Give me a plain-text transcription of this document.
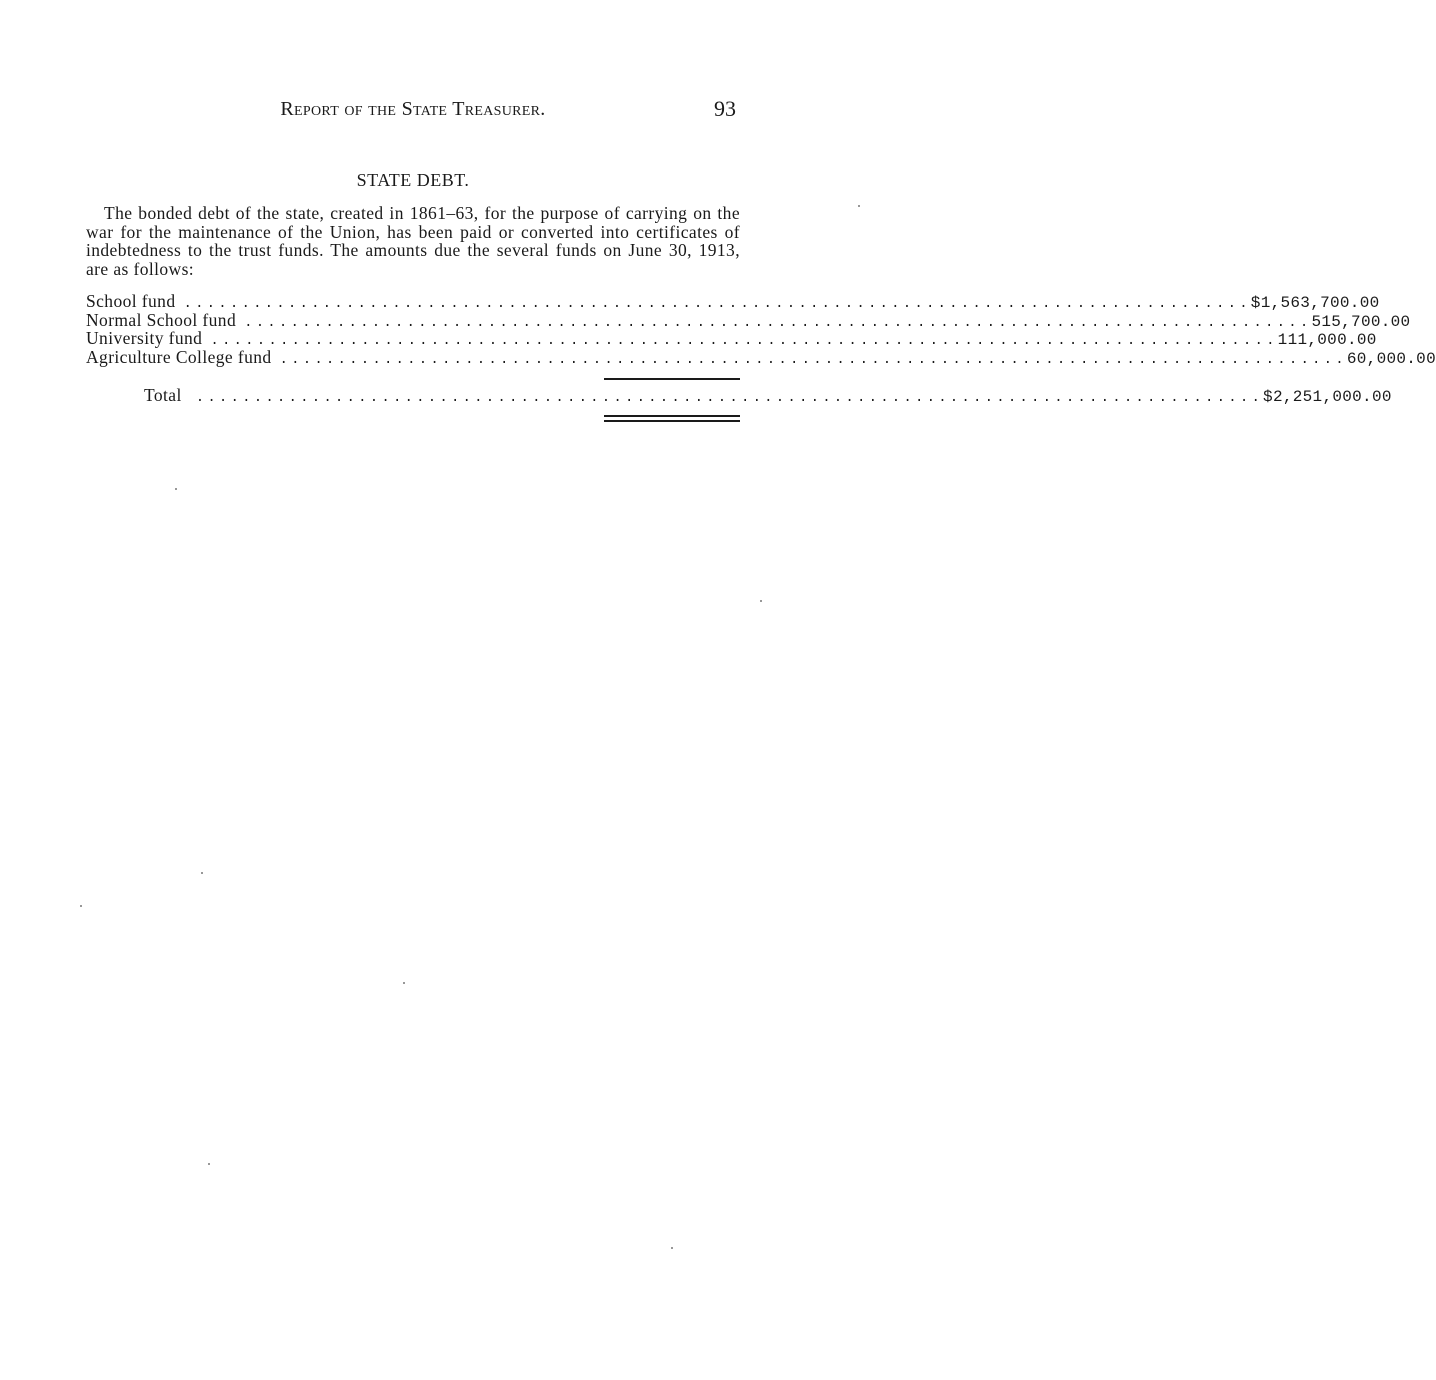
Report of the State Treasurer.	93
STATE DEBT.

The bonded debt of the state, created in 1861–63, for the purpose of carrying on the war for the maintenance of the Union, has been paid or converted into certificates of indebtedness to the trust funds. The amounts due the several funds on June 30, 1913, are as follows:

School fund ............................................................................................ $1,563,700.00
Normal School fund ............................................................................................ 515,700.00
University fund ............................................................................................ 111,000.00
Agriculture College fund ............................................................................................ 60,000.00
Total	............................................................................................ $2,251,000.00
